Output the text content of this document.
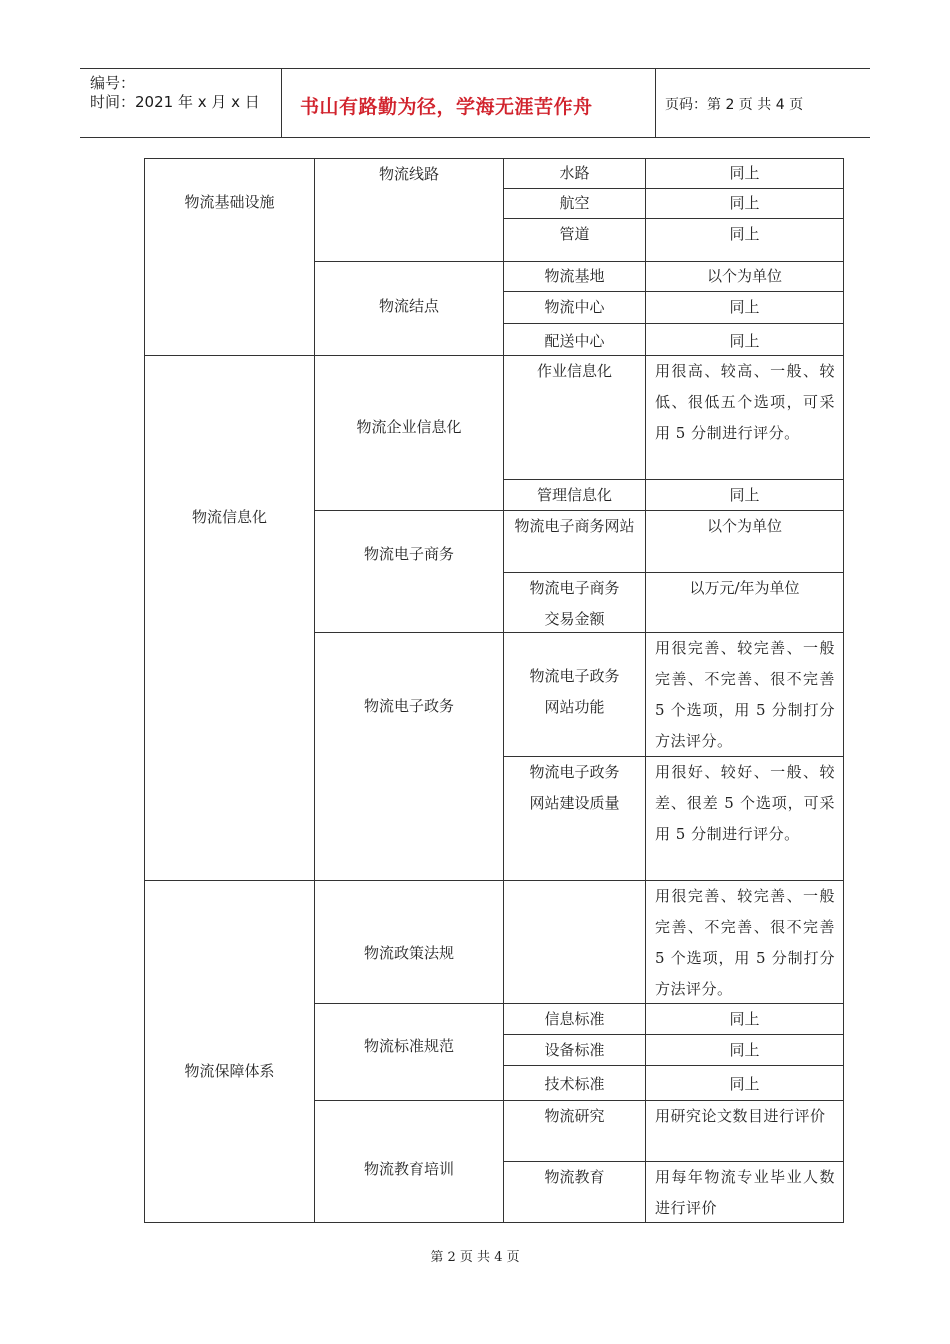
编号：
时间：2021 年 x 月 x 日 书山有路勤为径，学海无涯苦作舟	页码：第 2 页 共 4 页
物流基础设施
物流信息化
物流保障体系
物流线路
物流结点
物流企业信息化
物流电子商务
物流电子政务
物流政策法规
物流标准规范
物流教育培训
水路
航空
管道
物流基地
物流中心
配送中心
作业信息化
管理信息化
物流电子商务网站
物流电子商务交易金额
物流电子政务网站功能
物流电子政务网站建设质量
信息标准
设备标准
技术标准
物流研究
物流教育
同上
同上
同上
以个为单位
同上
同上
用很高、较高、一般、较低、很低五个选项，可采用 5 分制进行评分。
同上
以个为单位
以万元/年为单位
用很完善、较完善、一般完善、不完善、很不完善 5 个选项，用 5 分制打分方法评分。
用很好、较好、一般、较差、很差 5 个选项，可采用 5 分制进行评分。
用很完善、较完善、一般完善、不完善、很不完善 5 个选项，用 5 分制打分方法评分。
同上
同上
同上
用研究论文数目进行评价
用每年物流专业毕业人数进行评价
第 2 页 共 4 页
